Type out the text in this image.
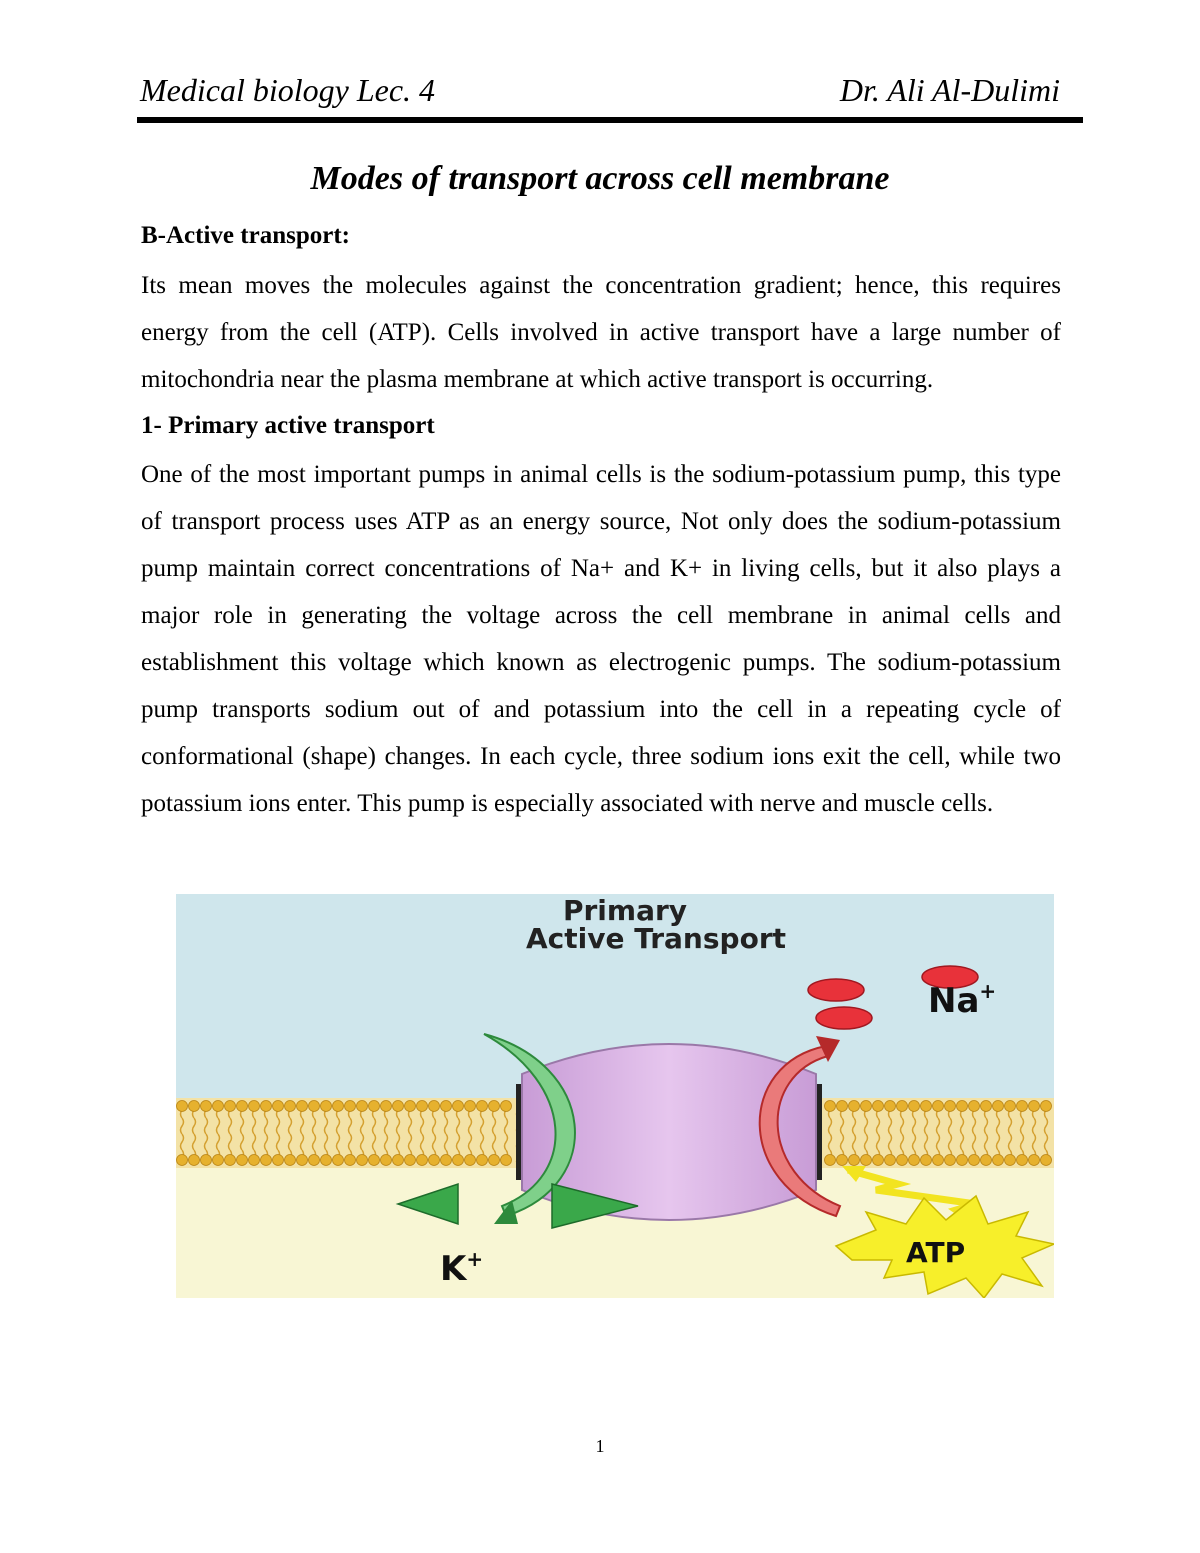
Medical biology Lec. 4	Dr. Ali Al-Dulimi
Modes of transport across cell membrane
B-Active transport:
Its mean moves the molecules against the concentration gradient; hence, this requires energy from the cell (ATP). Cells involved in active transport have a large number of mitochondria near the plasma membrane at which active transport is occurring.
1- Primary active transport
One of the most important pumps in animal cells is the sodium-potassium pump, this type of transport process uses ATP as an energy source, Not only does the sodium-potassium pump maintain correct concentrations of Na+ and K+ in living cells, but it also plays a major role in generating the voltage across the cell membrane in animal cells and establishment this voltage which known as electrogenic pumps. The sodium-potassium pump transports sodium out of and potassium into the cell in a repeating cycle of conformational (shape) changes. In each cycle, three sodium ions exit the cell, while two potassium ions enter. This pump is especially associated with nerve and muscle cells.
Na+
K+	ATP
Primary
Active Transport
1
